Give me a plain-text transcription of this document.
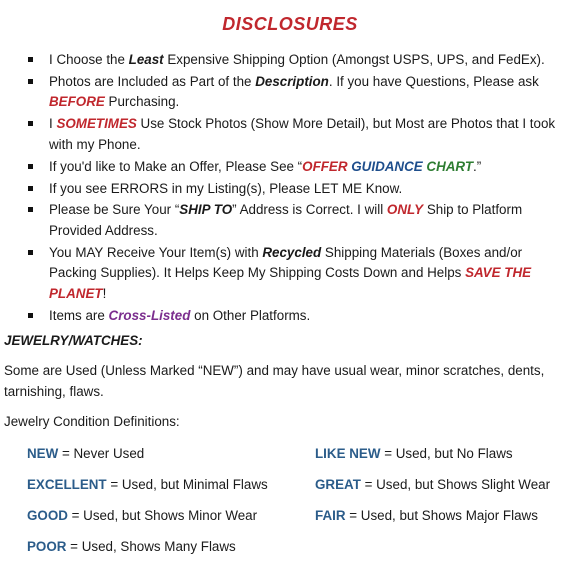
DISCLOSURES
I Choose the Least Expensive Shipping Option (Amongst USPS, UPS, and FedEx).
Photos are Included as Part of the Description. If you have Questions, Please ask BEFORE Purchasing.
I SOMETIMES Use Stock Photos (Show More Detail), but Most are Photos that I took with my Phone.
If you'd like to Make an Offer, Please See “OFFER GUIDANCE CHART.”
If you see ERRORS in my Listing(s), Please LET ME Know.
Please be Sure Your “SHIP TO” Address is Correct. I will ONLY Ship to Platform Provided Address.
You MAY Receive Your Item(s) with Recycled Shipping Materials (Boxes and/or Packing Supplies). It Helps Keep My Shipping Costs Down and Helps SAVE THE PLANET!
Items are Cross-Listed on Other Platforms.
JEWELRY/WATCHES:
Some are Used (Unless Marked “NEW”) and may have usual wear, minor scratches, dents, tarnishing, flaws.
Jewelry Condition Definitions:
NEW = Never Used	LIKE NEW = Used, but No Flaws
EXCELLENT = Used, but Minimal Flaws	GREAT = Used, but Shows Slight Wear
GOOD = Used, but Shows Minor Wear	FAIR = Used, but Shows Major Flaws
POOR = Used, Shows Many Flaws
